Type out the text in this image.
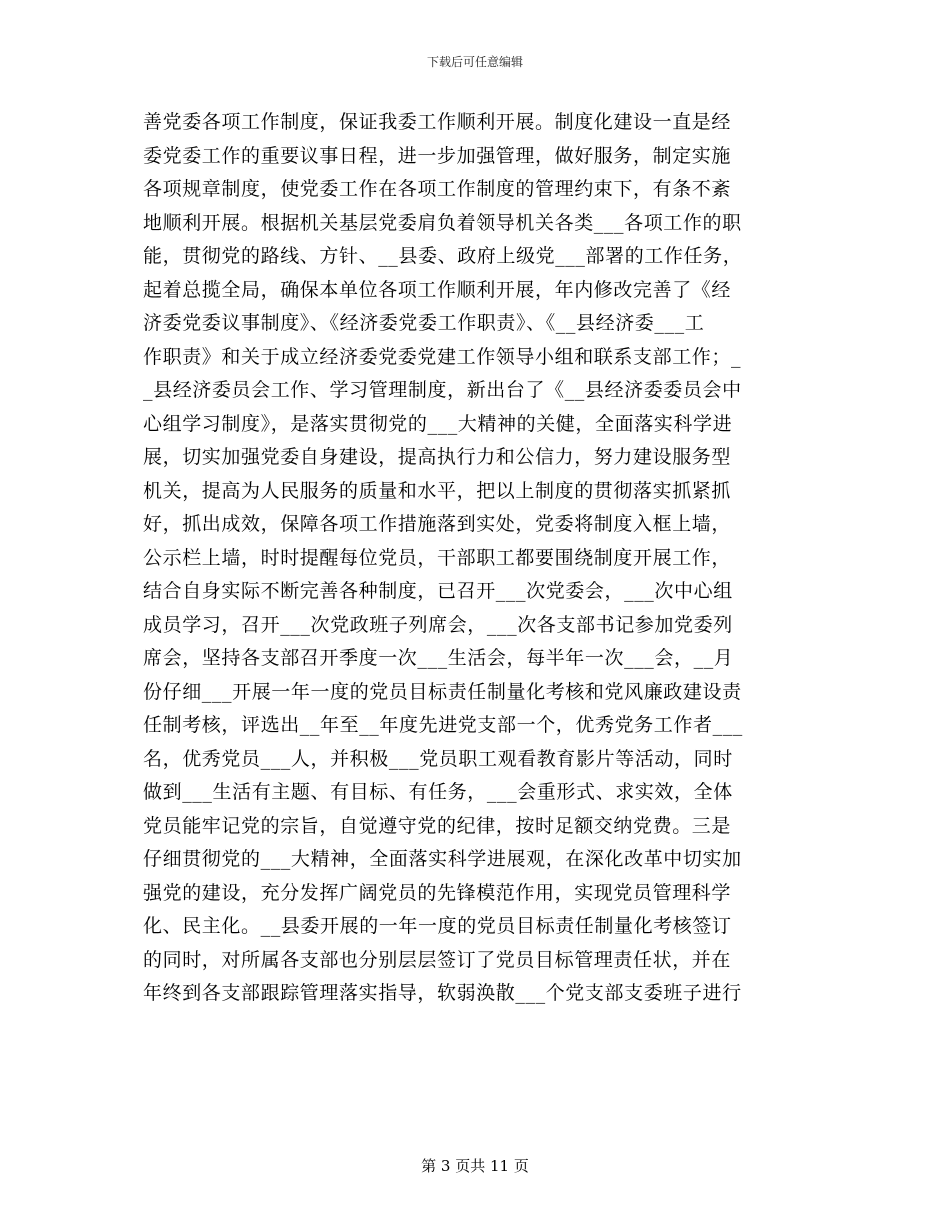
下载后可任意编辑
善党委各项工作制度，保证我委工作顺利开展。制度化建设一直是经
委党委工作的重要议事日程，进一步加强管理，做好服务，制定实施
各项规章制度，使党委工作在各项工作制度的管理约束下，有条不紊
地顺利开展。根据机关基层党委肩负着领导机关各类___各项工作的职
能，贯彻党的路线、方针、__县委、政府上级党___部署的工作任务，
起着总揽全局，确保本单位各项工作顺利开展，年内修改完善了《经
济委党委议事制度》、《经济委党委工作职责》、《__县经济委___工
作职责》和关于成立经济委党委党建工作领导小组和联系支部工作；_
_县经济委员会工作、学习管理制度，新出台了《__县经济委委员会中
心组学习制度》，是落实贯彻党的___大精神的关健，全面落实科学进
展，切实加强党委自身建设，提高执行力和公信力，努力建设服务型
机关，提高为人民服务的质量和水平，把以上制度的贯彻落实抓紧抓
好，抓出成效，保障各项工作措施落到实处，党委将制度入框上墙，
公示栏上墙，时时提醒每位党员，干部职工都要围绕制度开展工作，
结合自身实际不断完善各种制度，已召开___次党委会，___次中心组
成员学习，召开___次党政班子列席会，___次各支部书记参加党委列
席会，坚持各支部召开季度一次___生活会，每半年一次___会，__月
份仔细___开展一年一度的党员目标责任制量化考核和党风廉政建设责
任制考核，评选出__年至__年度先进党支部一个，优秀党务工作者___
名，优秀党员___人，并积极___党员职工观看教育影片等活动，同时
做到___生活有主题、有目标、有任务，___会重形式、求实效，全体
党员能牢记党的宗旨，自觉遵守党的纪律，按时足额交纳党费。三是
仔细贯彻党的___大精神，全面落实科学进展观，在深化改革中切实加
强党的建设，充分发挥广阔党员的先锋模范作用，实现党员管理科学
化、民主化。__县委开展的一年一度的党员目标责任制量化考核签订
的同时，对所属各支部也分别层层签订了党员目标管理责任状，并在
年终到各支部跟踪管理落实指导，软弱涣散___个党支部支委班子进行
第 3 页共 11 页
